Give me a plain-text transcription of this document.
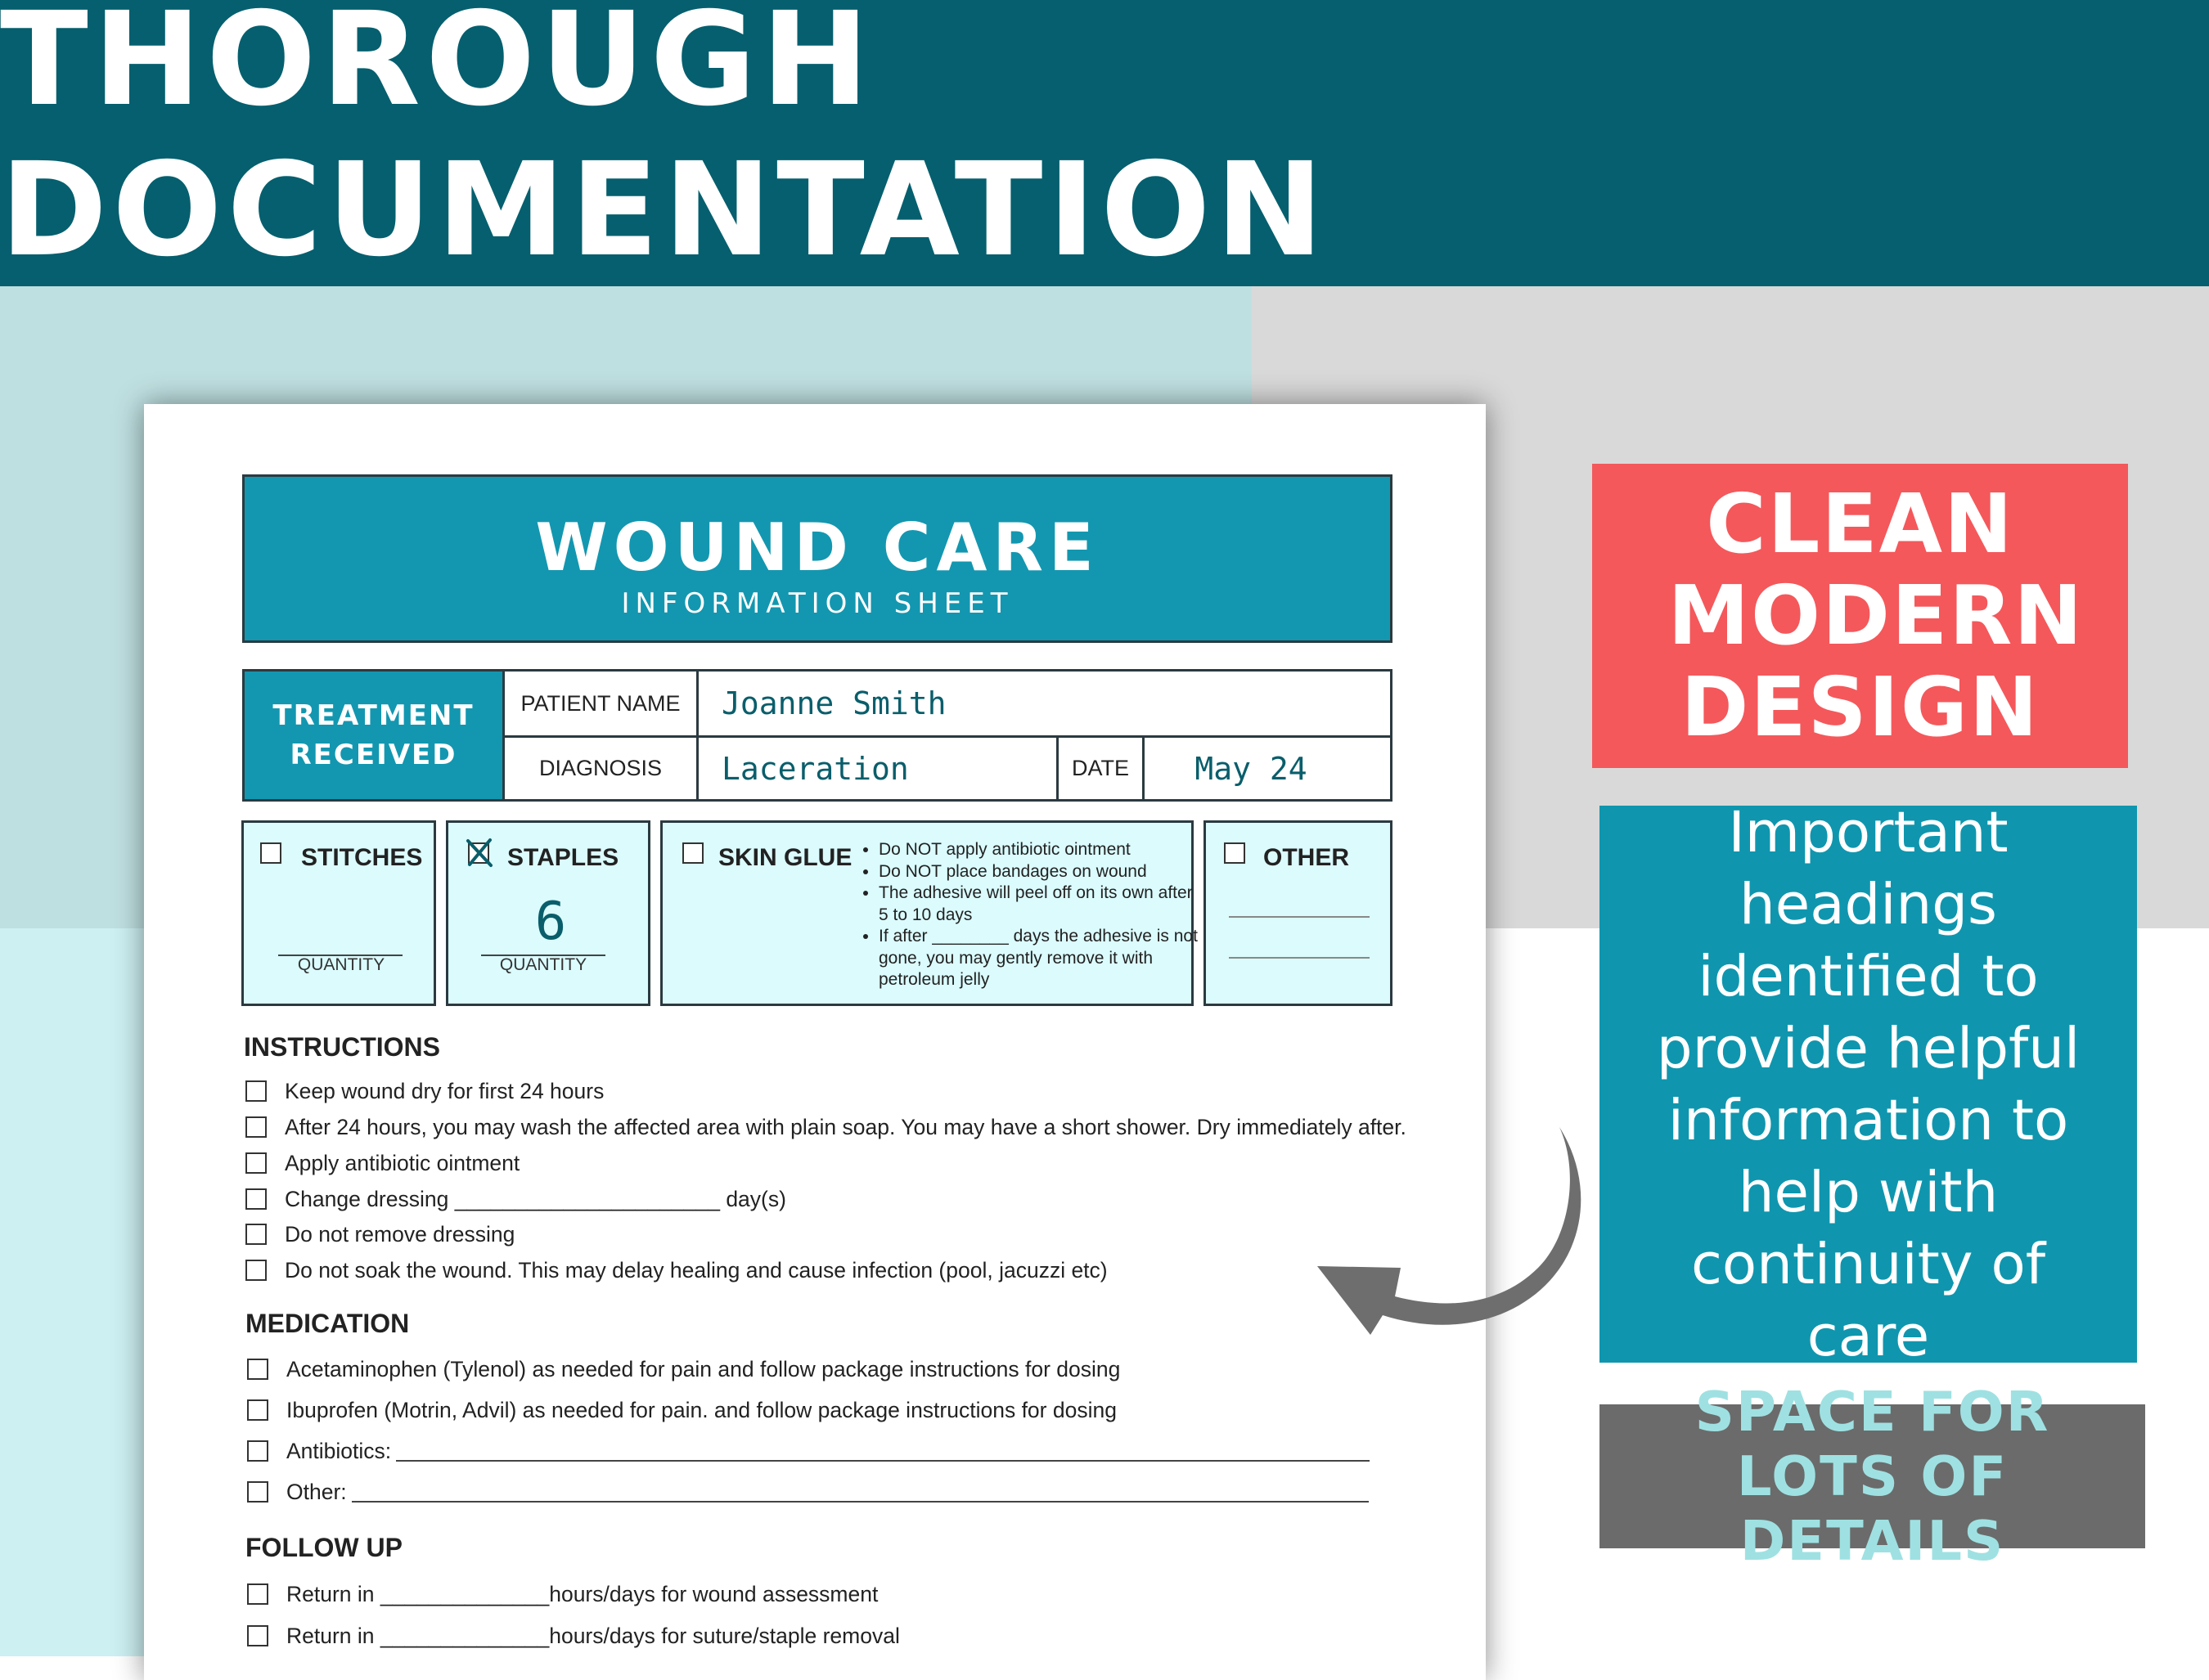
THOROUGH DOCUMENTATION
WOUND CARE
INFORMATION SHEET
TREATMENT RECEIVED
PATIENT NAME	Joanne Smith
DIAGNOSIS	Laceration	DATE	May 24
STITCHES
QUANTITY
STAPLES
6
QUANTITY
SKIN GLUE
• Do NOT apply antibiotic ointment
• Do NOT place bandages on wound
• The adhesive will peel off on its own after 5 to 10 days
• If after ________ days the adhesive is not gone, you may gently remove it with petroleum jelly
OTHER
INSTRUCTIONS
Keep wound dry for first 24 hours
After 24 hours, you may wash the affected area with plain soap. You may have a short shower. Dry immediately after.
Apply antibiotic ointment
Change dressing ______________________ day(s)
Do not remove dressing
Do not soak the wound. This may delay healing and cause infection (pool, jacuzzi etc)
MEDICATION
Acetaminophen (Tylenol) as needed for pain and follow package instructions for dosing
Ibuprofen (Motrin, Advil) as needed for pain. and follow package instructions for dosing
Antibiotics:
Other:
FOLLOW UP
Return in ______________hours/days for wound assessment
Return in ______________hours/days for suture/staple removal
CLEAN MODERN DESIGN
Important headings identified to provide helpful information to help with continuity of care
SPACE FOR LOTS OF DETAILS
